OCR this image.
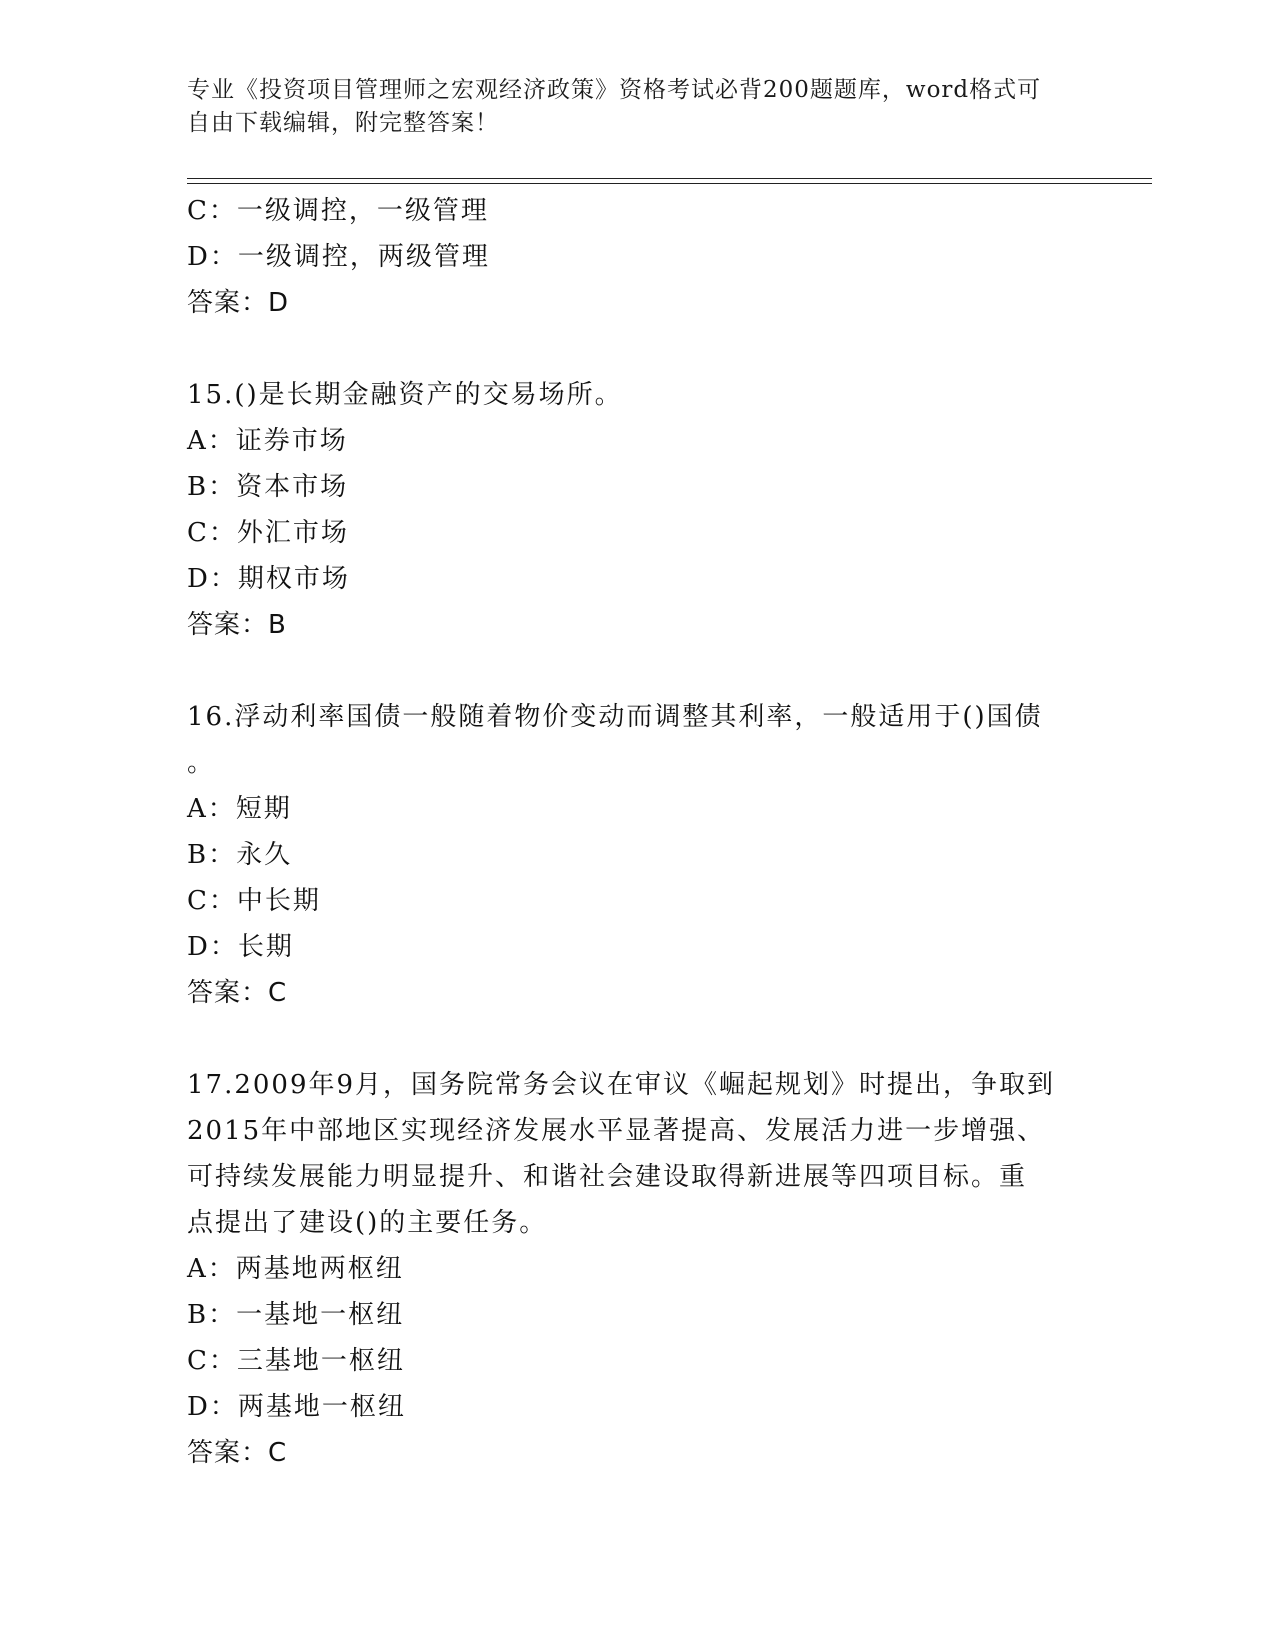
专业《投资项目管理师之宏观经济政策》资格考试必背200题题库，word格式可
自由下载编辑，附完整答案！
C：一级调控，一级管理
D：一级调控，两级管理
答案：D
15.()是长期金融资产的交易场所。
A：证券市场
B：资本市场
C：外汇市场
D：期权市场
答案：B
16.浮动利率国债一般随着物价变动而调整其利率，一般适用于()国债
。
A：短期
B：永久
C：中长期
D：长期
答案：C
17.2009年9月，国务院常务会议在审议《崛起规划》时提出，争取到
2015年中部地区实现经济发展水平显著提高、发展活力进一步增强、
可持续发展能力明显提升、和谐社会建设取得新进展等四项目标。重
点提出了建设()的主要任务。
A：两基地两枢纽
B：一基地一枢纽
C：三基地一枢纽
D：两基地一枢纽
答案：C
